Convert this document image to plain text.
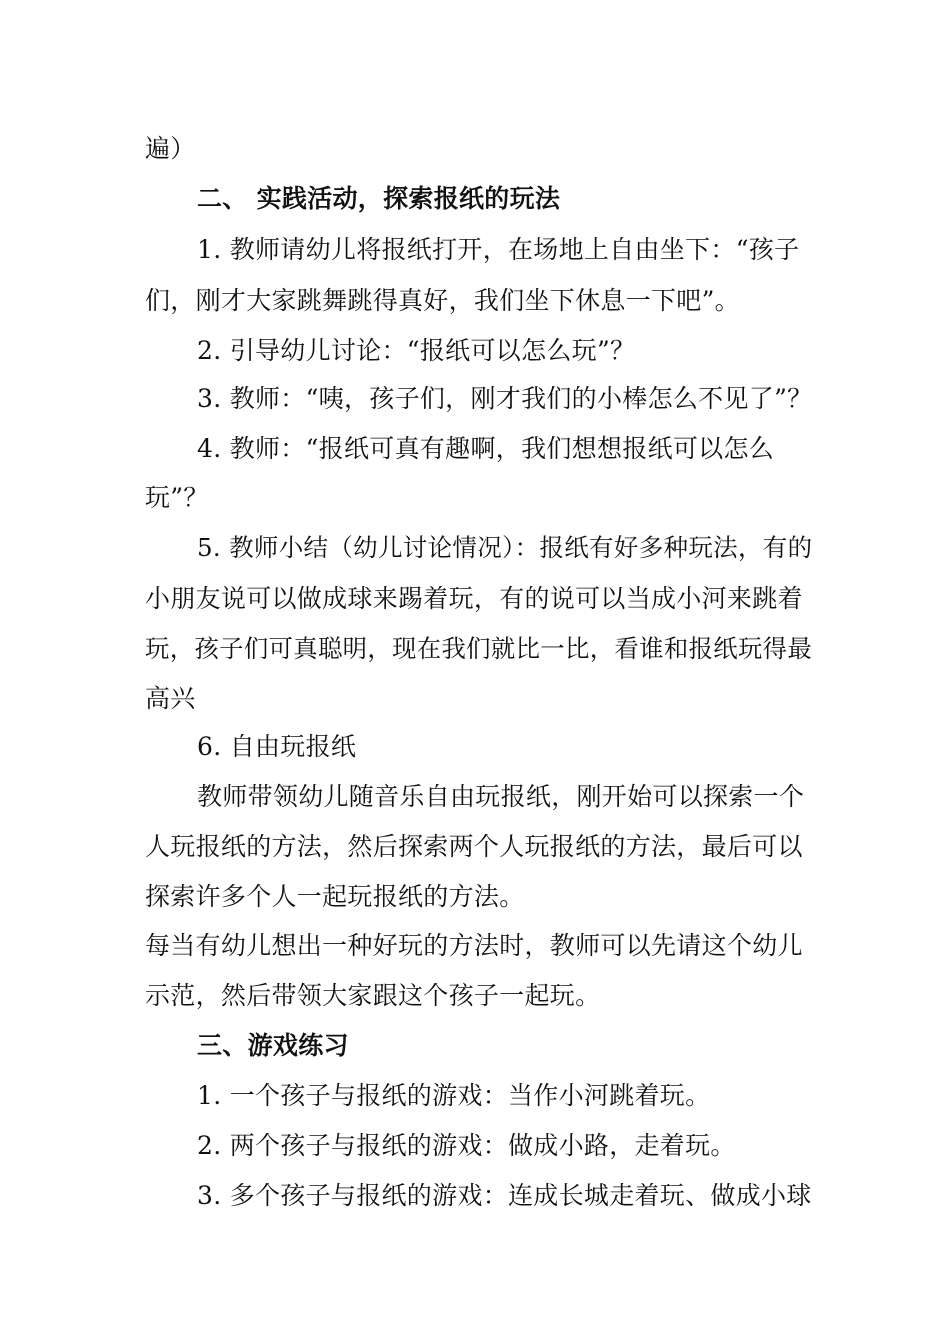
遍）
二、 实践活动，探索报纸的玩法
1. 教师请幼儿将报纸打开，在场地上自由坐下：“孩子
们，刚才大家跳舞跳得真好，我们坐下休息一下吧”。
2. 引导幼儿讨论：“报纸可以怎么玩”？
3. 教师：“咦，孩子们，刚才我们的小棒怎么不见了”？
4. 教师：“报纸可真有趣啊，我们想想报纸可以怎么
玩”？
5. 教师小结（幼儿讨论情况）：报纸有好多种玩法，有的
小朋友说可以做成球来踢着玩，有的说可以当成小河来跳着
玩，孩子们可真聪明，现在我们就比一比，看谁和报纸玩得最
高兴
6. 自由玩报纸
教师带领幼儿随音乐自由玩报纸，刚开始可以探索一个
人玩报纸的方法，然后探索两个人玩报纸的方法，最后可以
探索许多个人一起玩报纸的方法。
每当有幼儿想出一种好玩的方法时，教师可以先请这个幼儿
示范，然后带领大家跟这个孩子一起玩。
三、游戏练习
1. 一个孩子与报纸的游戏：当作小河跳着玩。
2. 两个孩子与报纸的游戏：做成小路，走着玩。
3. 多个孩子与报纸的游戏：连成长城走着玩、做成小球
